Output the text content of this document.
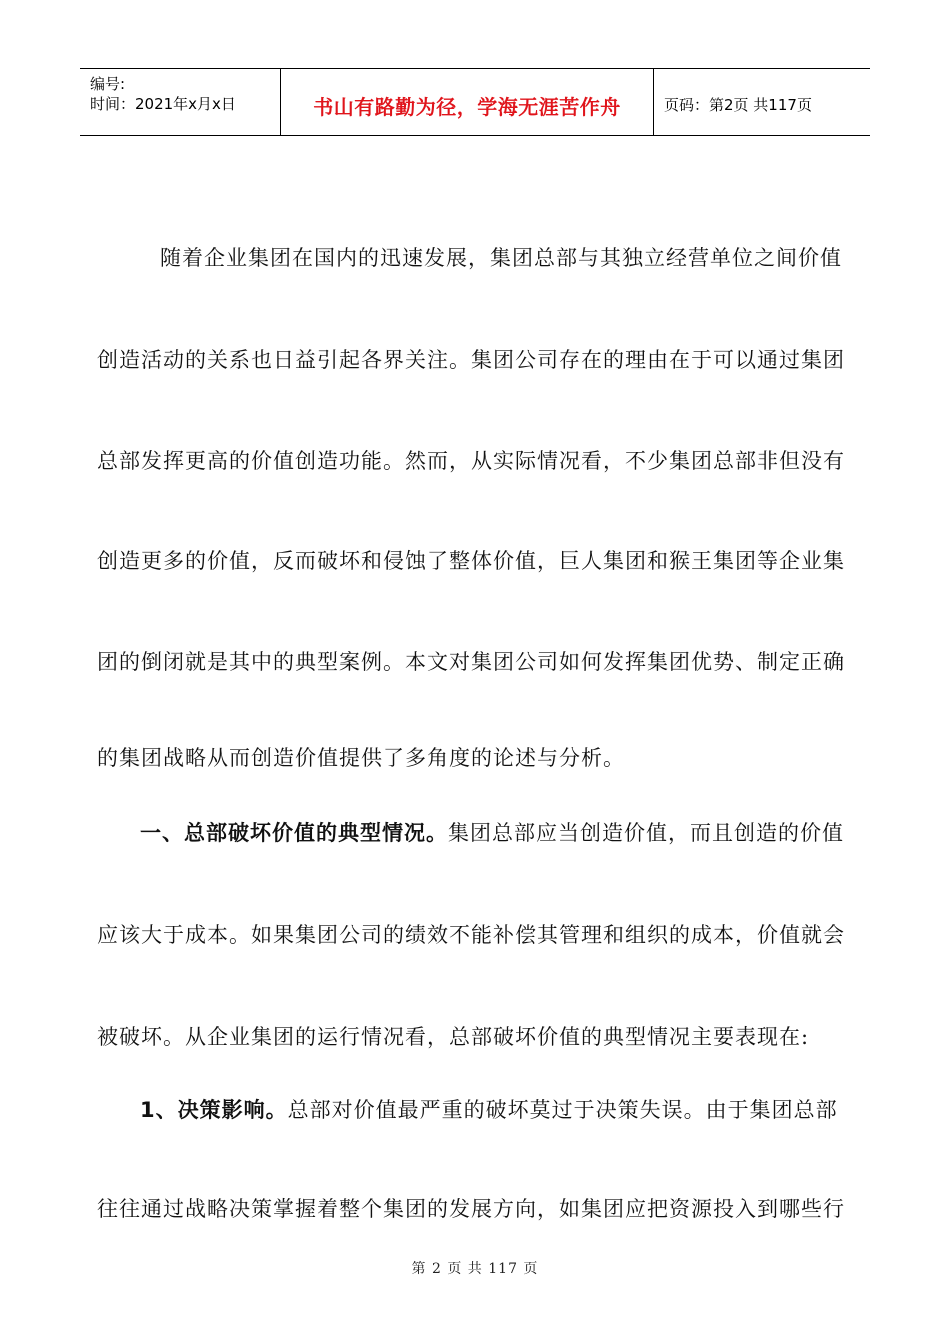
编号:
时间：2021年x月x日	书山有路勤为径，学海无涯苦作舟	页码：第2页 共117页
随着企业集团在国内的迅速发展，集团总部与其独立经营单位之间价值
创造活动的关系也日益引起各界关注。集团公司存在的理由在于可以通过集团
总部发挥更高的价值创造功能。然而，从实际情况看，不少集团总部非但没有
创造更多的价值，反而破坏和侵蚀了整体价值，巨人集团和猴王集团等企业集
团的倒闭就是其中的典型案例。本文对集团公司如何发挥集团优势、制定正确
的集团战略从而创造价值提供了多角度的论述与分析。
一、总部破坏价值的典型情况。集团总部应当创造价值，而且创造的价值
应该大于成本。如果集团公司的绩效不能补偿其管理和组织的成本，价值就会
被破坏。从企业集团的运行情况看，总部破坏价值的典型情况主要表现在:
1、决策影响。总部对价值最严重的破坏莫过于决策失误。由于集团总部
往往通过战略决策掌握着整个集团的发展方向，如集团应把资源投入到哪些行
第 2 页 共 117 页
